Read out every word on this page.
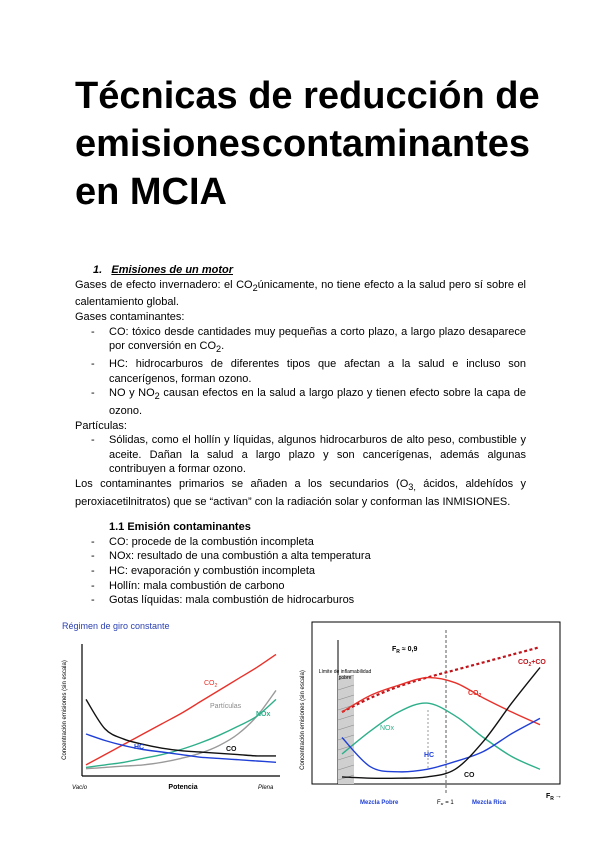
Técnicas de reducción de
emisiones contaminantes
en MCIA
1. Emisiones de un motor

Gases de efecto invernadero: el $CO_2únicamente$, no tiene efecto a la salud pero sí sobre el calentamiento global.

Gases contaminantes:

- CO: tóxico desde cantidades muy pequeñas a corto plazo, a largo plazo desaparece por conversión en $CO_2$.
- HC: hidrocarburos de diferentes tipos que afectan a la salud e incluso son cancerígenos, forman ozono.
- NO y $NO_2$ causan efectos en la salud a largo plazo y tienen efecto sobre la capa de ozono.

Partículas:

- Sólidas, como el hollín y líquidas, algunos hidrocarburos de alto peso, combustible y aceite. Dañan la salud a largo plazo y son cancerígenas, además algunas contribuyen a formar ozono.

Los contaminantes primarios se añaden a los secundarios ($O_{3,}$ ácidos, aldehídos y peroxiacetilnitratos) que se “activan” con la radiación solar y conforman las INMISIONES.

1.1 Emisión contaminantes
- CO: procede de la combustión incompleta
- NOx: resultado de una combustión a alta temperatura
- HC: evaporación y combustión incompleta
- Hollín: mala combustión de carbono
- Gotas líquidas: mala combustión de hidrocarburos
Régimen de giro constante
Concentración emisiones (sin escala)
Vacío	Plena
Potencia
$CO_2$
Partículas
NOx
HC	CO	Concentración emisiones (sin escala)
$F_R \approx 0,9$
Límite de inflamabilidad pobre
$CO_2+CO$
$CO_2$
NOx
HC
CO
Mezcla Pobre	Mezcla Rica
$F_R = 1$
$F_R\to$
